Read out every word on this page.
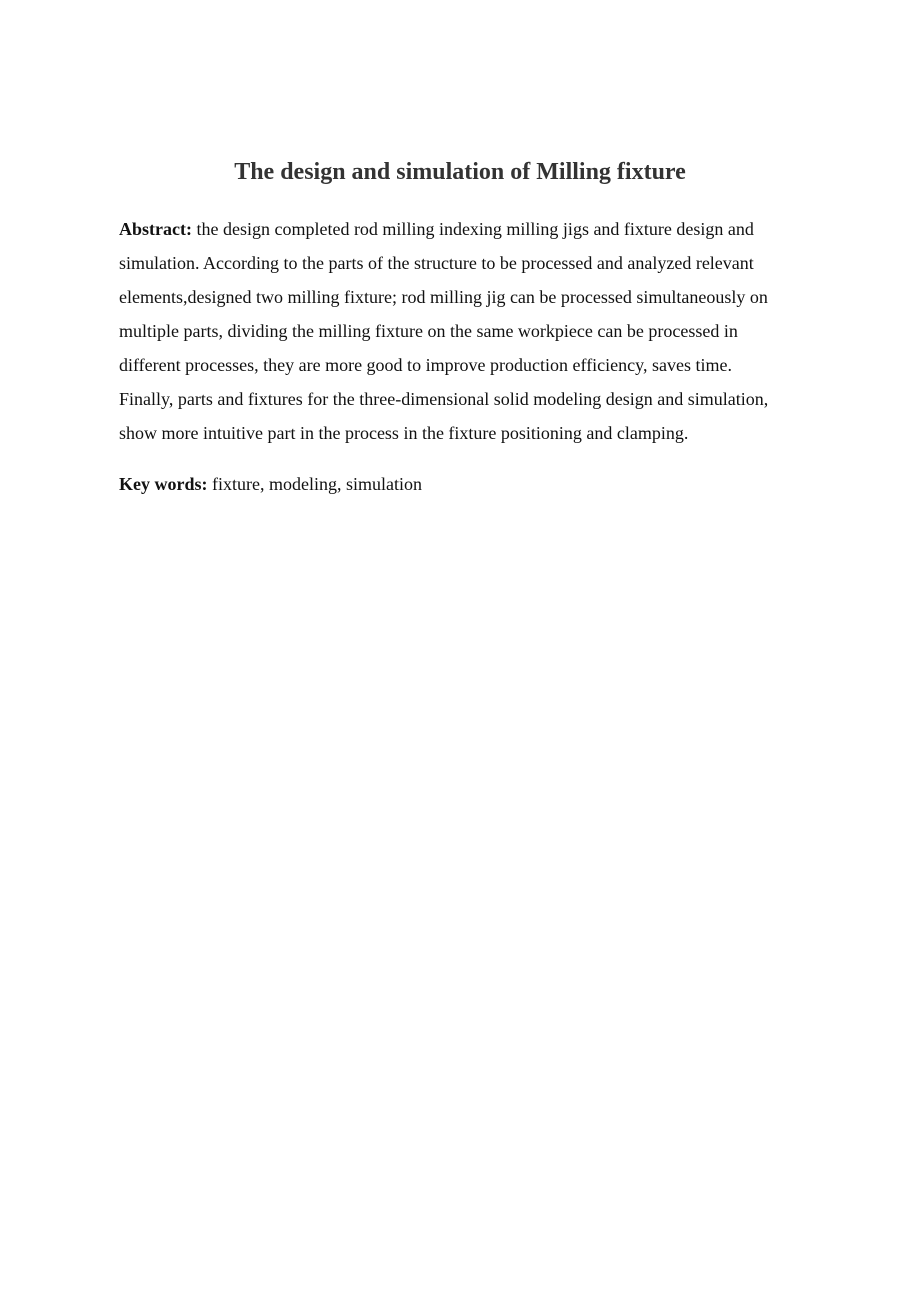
The design and simulation of Milling fixture

Abstract: the design completed rod milling indexing milling jigs and fixture design and
simulation. According to the parts of the structure to be processed and analyzed relevant
elements,designed two milling fixture; rod milling jig can be processed simultaneously on
multiple parts, dividing the milling fixture on the same workpiece can be processed in
different processes, they are more good to improve production efficiency, saves time.
Finally, parts and fixtures for the three-dimensional solid modeling design and simulation,
show more intuitive part in the process in the fixture positioning and clamping.

Key words: fixture, modeling, simulation
